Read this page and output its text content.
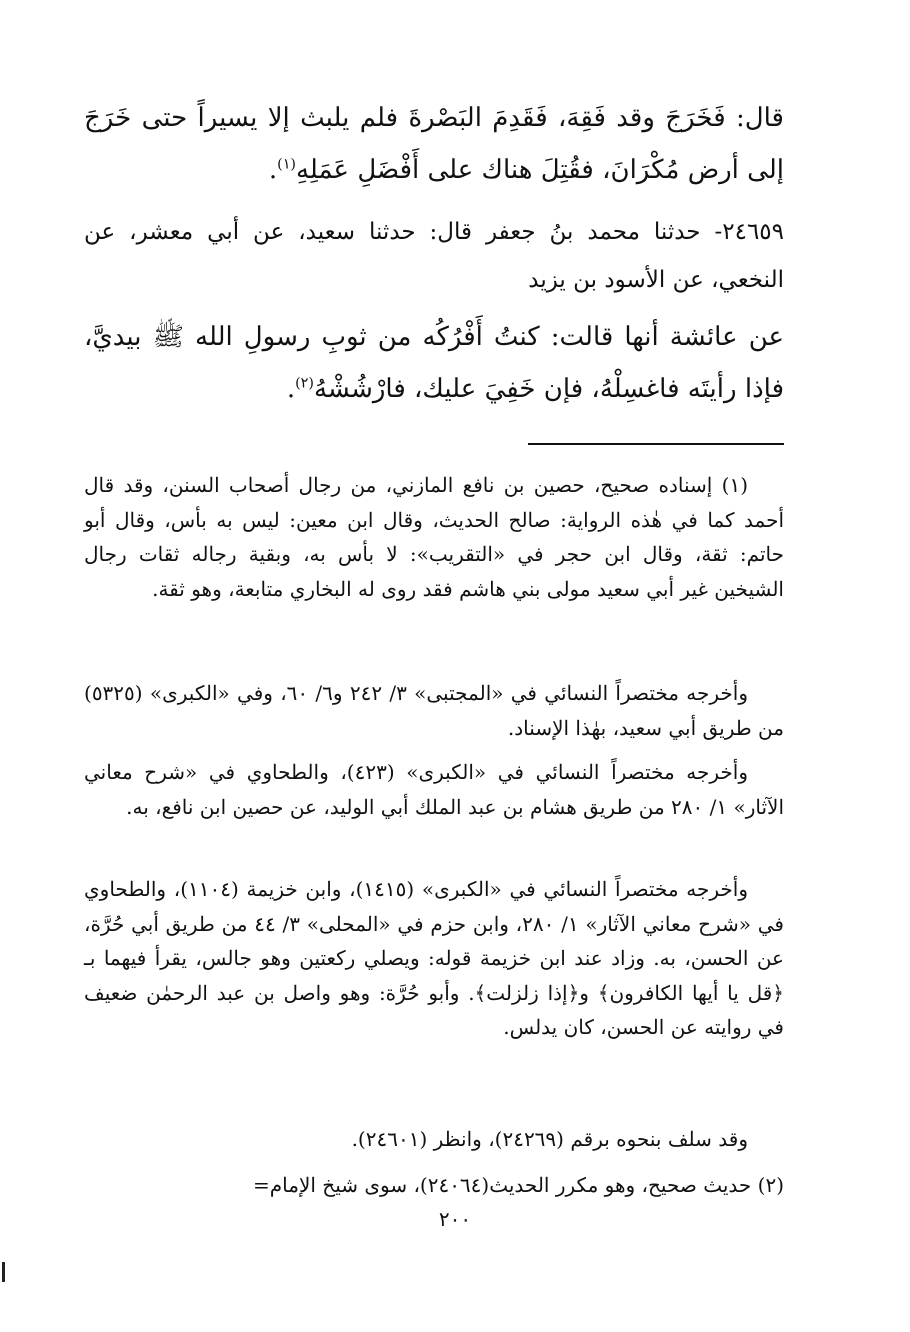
قال: فَخَرَجَ وقد فَقِهَ، فَقَدِمَ البَصْرةَ فلم يلبث إلا يسيراً حتى خَرَجَ إلى أرض مُكْرَانَ، فقُتِلَ هناك على أَفْضَلِ عَمَلِهِ$^{(١)}$.

٢٤٦٥٩- حدثنا محمد بنُ جعفر قال: حدثنا سعيد، عن أبي معشر، عن النخعي، عن الأسود بن يزيد

عن عائشة أنها قالت: كنتُ أَفْرُكُه من ثوبِ رسولِ الله ﷺ بيديَّ، فإذا رأيتَه فاغسِلْهُ، فإن خَفِيَ عليك، فارْشُشْهُ$^{(٢)}$.

(١) إسناده صحيح، حصين بن نافع المازني، من رجال أصحاب السنن، وقد قال أحمد كما في هٰذه الرواية: صالح الحديث، وقال ابن معين: ليس به بأس، وقال أبو حاتم: ثقة، وقال ابن حجر في «التقريب»: لا بأس به، وبقية رجاله ثقات رجال الشيخين غير أبي سعيد مولى بني هاشم فقد روى له البخاري متابعة، وهو ثقة.

وأخرجه مختصراً النسائي في «المجتبى» ٣/ ٢٤٢ و٦/ ٦٠، وفي «الكبرى» (٥٣٢٥) من طريق أبي سعيد، بهٰذا الإسناد.

وأخرجه مختصراً النسائي في «الكبرى» (٤٢٣)، والطحاوي في «شرح معاني الآثار» ١/ ٢٨٠ من طريق هشام بن عبد الملك أبي الوليد، عن حصين ابن نافع، به.

وأخرجه مختصراً النسائي في «الكبرى» (١٤١٥)، وابن خزيمة (١١٠٤)، والطحاوي في «شرح معاني الآثار» ١/ ٢٨٠، وابن حزم في «المحلى» ٣/ ٤٤ من طريق أبي حُرَّة، عن الحسن، به. وزاد عند ابن خزيمة قوله: ويصلي ركعتين وهو جالس، يقرأ فيهما بـ ﴿قل يا أيها الكافرون﴾ و﴿إذا زلزلت﴾. وأبو حُرَّة: وهو واصل بن عبد الرحمٰن ضعيف في روايته عن الحسن، كان يدلس.

وقد سلف بنحوه برقم (٢٤٢٦٩)، وانظر (٢٤٦٠١).

(٢) حديث صحيح، وهو مكرر الحديث(٢٤٠٦٤)، سوى شيخ الإمام=

٢٠٠
